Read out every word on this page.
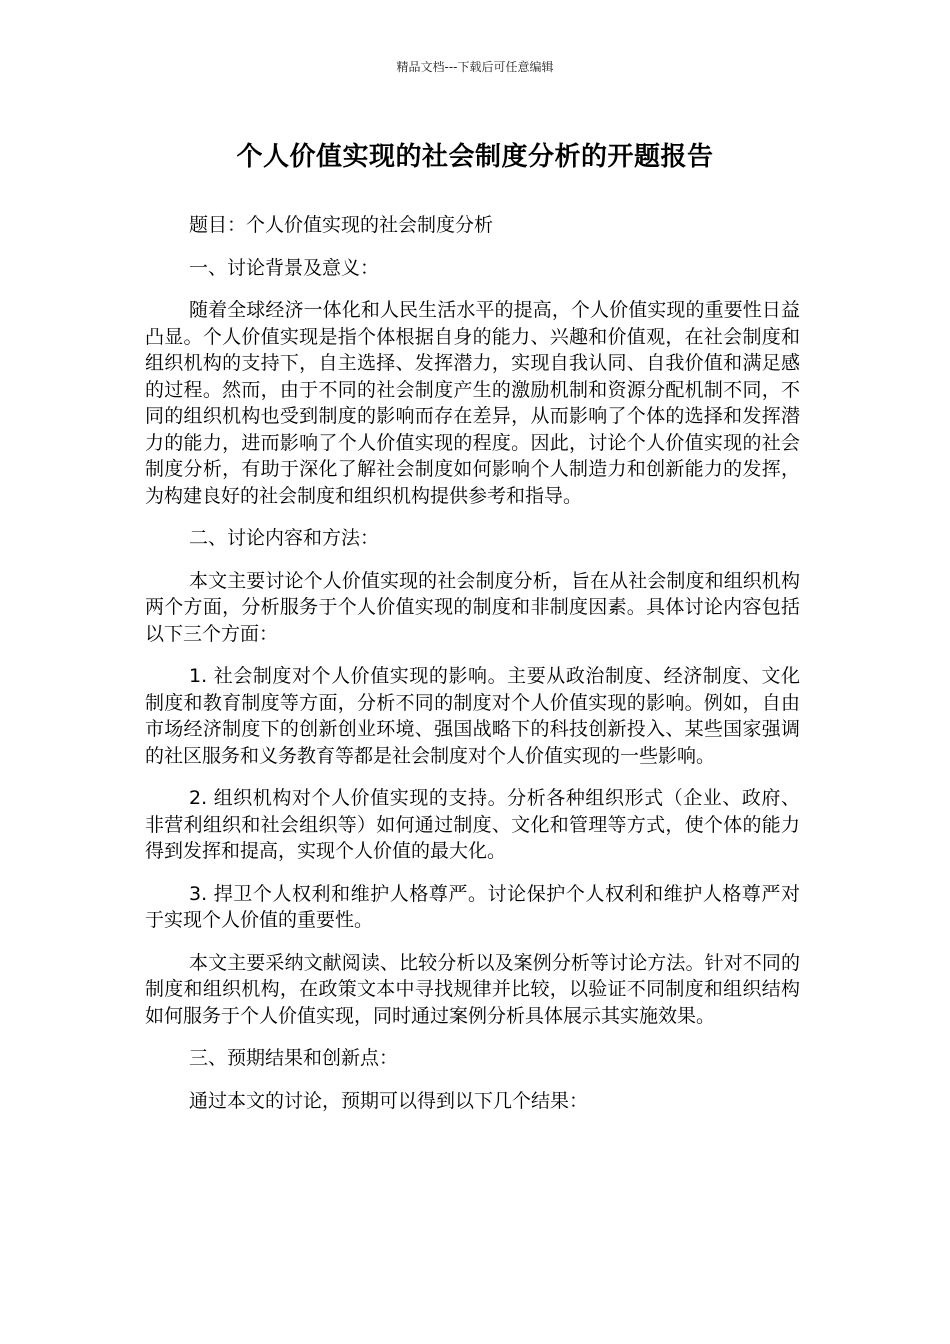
精品文档---下载后可任意编辑
个人价值实现的社会制度分析的开题报告

题目：个人价值实现的社会制度分析

一、讨论背景及意义：

随着全球经济一体化和人民生活水平的提高，个人价值实现的重要性日益凸显。个人价值实现是指个体根据自身的能力、兴趣和价值观，在社会制度和组织机构的支持下，自主选择、发挥潜力，实现自我认同、自我价值和满足感的过程。然而，由于不同的社会制度产生的激励机制和资源分配机制不同，不同的组织机构也受到制度的影响而存在差异，从而影响了个体的选择和发挥潜力的能力，进而影响了个人价值实现的程度。因此，讨论个人价值实现的社会制度分析，有助于深化了解社会制度如何影响个人制造力和创新能力的发挥，为构建良好的社会制度和组织机构提供参考和指导。

二、讨论内容和方法：

本文主要讨论个人价值实现的社会制度分析，旨在从社会制度和组织机构两个方面，分析服务于个人价值实现的制度和非制度因素。具体讨论内容包括以下三个方面：

1. 社会制度对个人价值实现的影响。主要从政治制度、经济制度、文化制度和教育制度等方面，分析不同的制度对个人价值实现的影响。例如，自由市场经济制度下的创新创业环境、强国战略下的科技创新投入、某些国家强调的社区服务和义务教育等都是社会制度对个人价值实现的一些影响。

2. 组织机构对个人价值实现的支持。分析各种组织形式（企业、政府、非营利组织和社会组织等）如何通过制度、文化和管理等方式，使个体的能力得到发挥和提高，实现个人价值的最大化。

3. 捍卫个人权利和维护人格尊严。讨论保护个人权利和维护人格尊严对于实现个人价值的重要性。

本文主要采纳文献阅读、比较分析以及案例分析等讨论方法。针对不同的制度和组织机构，在政策文本中寻找规律并比较，以验证不同制度和组织结构如何服务于个人价值实现，同时通过案例分析具体展示其实施效果。

三、预期结果和创新点：

通过本文的讨论，预期可以得到以下几个结果：
